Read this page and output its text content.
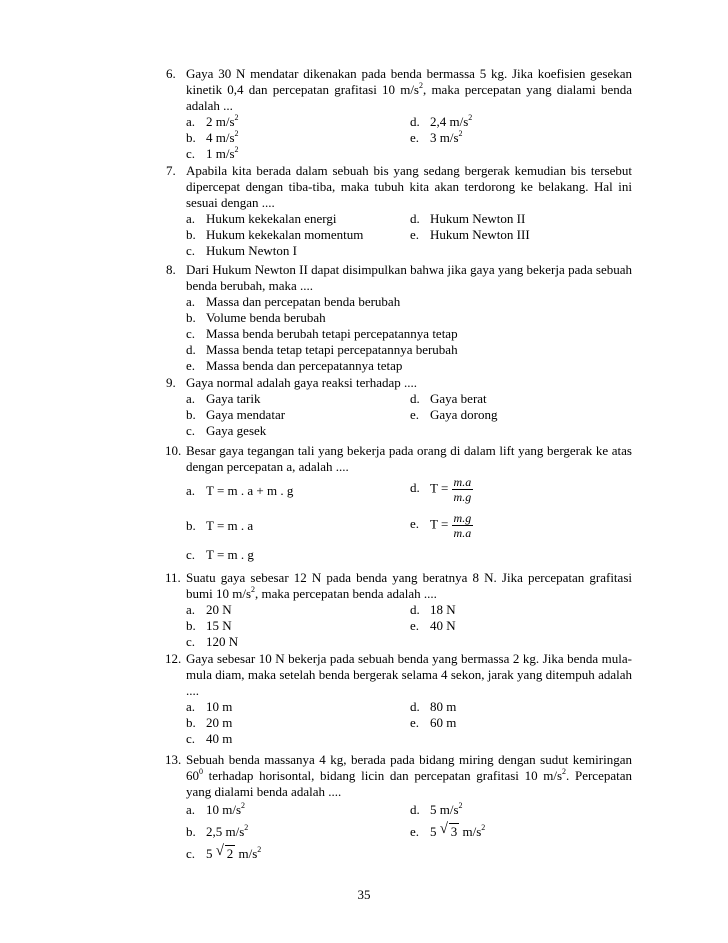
6. Gaya 30 N mendatar dikenakan pada benda bermassa 5 kg. Jika koefisien gesekan kinetik 0,4 dan percepatan grafitasi 10 $m/s^2$, maka percepatan yang dialami benda adalah ...
a. 2 $m/s^2$	d. 2,4 $m/s^2$
b. 4 $m/s^2$	e. 3 $m/s^2$
c. 1 $m/s^2$
7. Apabila kita berada dalam sebuah bis yang sedang bergerak kemudian bis tersebut dipercepat dengan tiba-tiba, maka tubuh kita akan terdorong ke belakang. Hal ini sesuai dengan ....
a. Hukum kekekalan energi	d. Hukum Newton II
b. Hukum kekekalan momentum	e. Hukum Newton III
c. Hukum Newton I
8. Dari Hukum Newton II dapat disimpulkan bahwa jika gaya yang bekerja pada sebuah benda berubah, maka ....
a. Massa dan percepatan benda berubah
b. Volume benda berubah
c. Massa benda berubah tetapi percepatannya tetap
d. Massa benda tetap tetapi percepatannya berubah
e. Massa benda dan percepatannya tetap
9. Gaya normal adalah gaya reaksi terhadap ....
a. Gaya tarik	d. Gaya berat
b. Gaya mendatar	e. Gaya dorong
c. Gaya gesek
10. Besar gaya tegangan tali yang bekerja pada orang di dalam lift yang bergerak ke atas dengan percepatan a, adalah ....
a. T = m . a + m . g	d. $T = \frac{m.a}{m.g}$
b. T = m . a	e. $T = \frac{m.g}{m.a}$
c. T = m . g
11. Suatu gaya sebesar 12 N pada benda yang beratnya 8 N. Jika percepatan grafitasi bumi 10 $m/s^2$, maka percepatan benda adalah ....
a. 20 N	d. 18 N
b. 15 N	e. 40 N
c. 120 N
12. Gaya sebesar 10 N bekerja pada sebuah benda yang bermassa 2 kg. Jika benda mula-mula diam, maka setelah benda bergerak selama 4 sekon, jarak yang ditempuh adalah ....
a. 10 m	d. 80 m
b. 20 m	e. 60 m
c. 40 m
13. Sebuah benda massanya 4 kg, berada pada bidang miring dengan sudut kemiringan $60^0$ terhadap horisontal, bidang licin dan percepatan grafitasi 10 $m/s^2$. Percepatan yang dialami benda adalah ....
a. 10 $m/s^2$	d. 5 $m/s^2$
b. 2,5 $m/s^2$	e. 5 √ 3 $m/s^2$
c. 5 √ 2 $m/s^2$
35
